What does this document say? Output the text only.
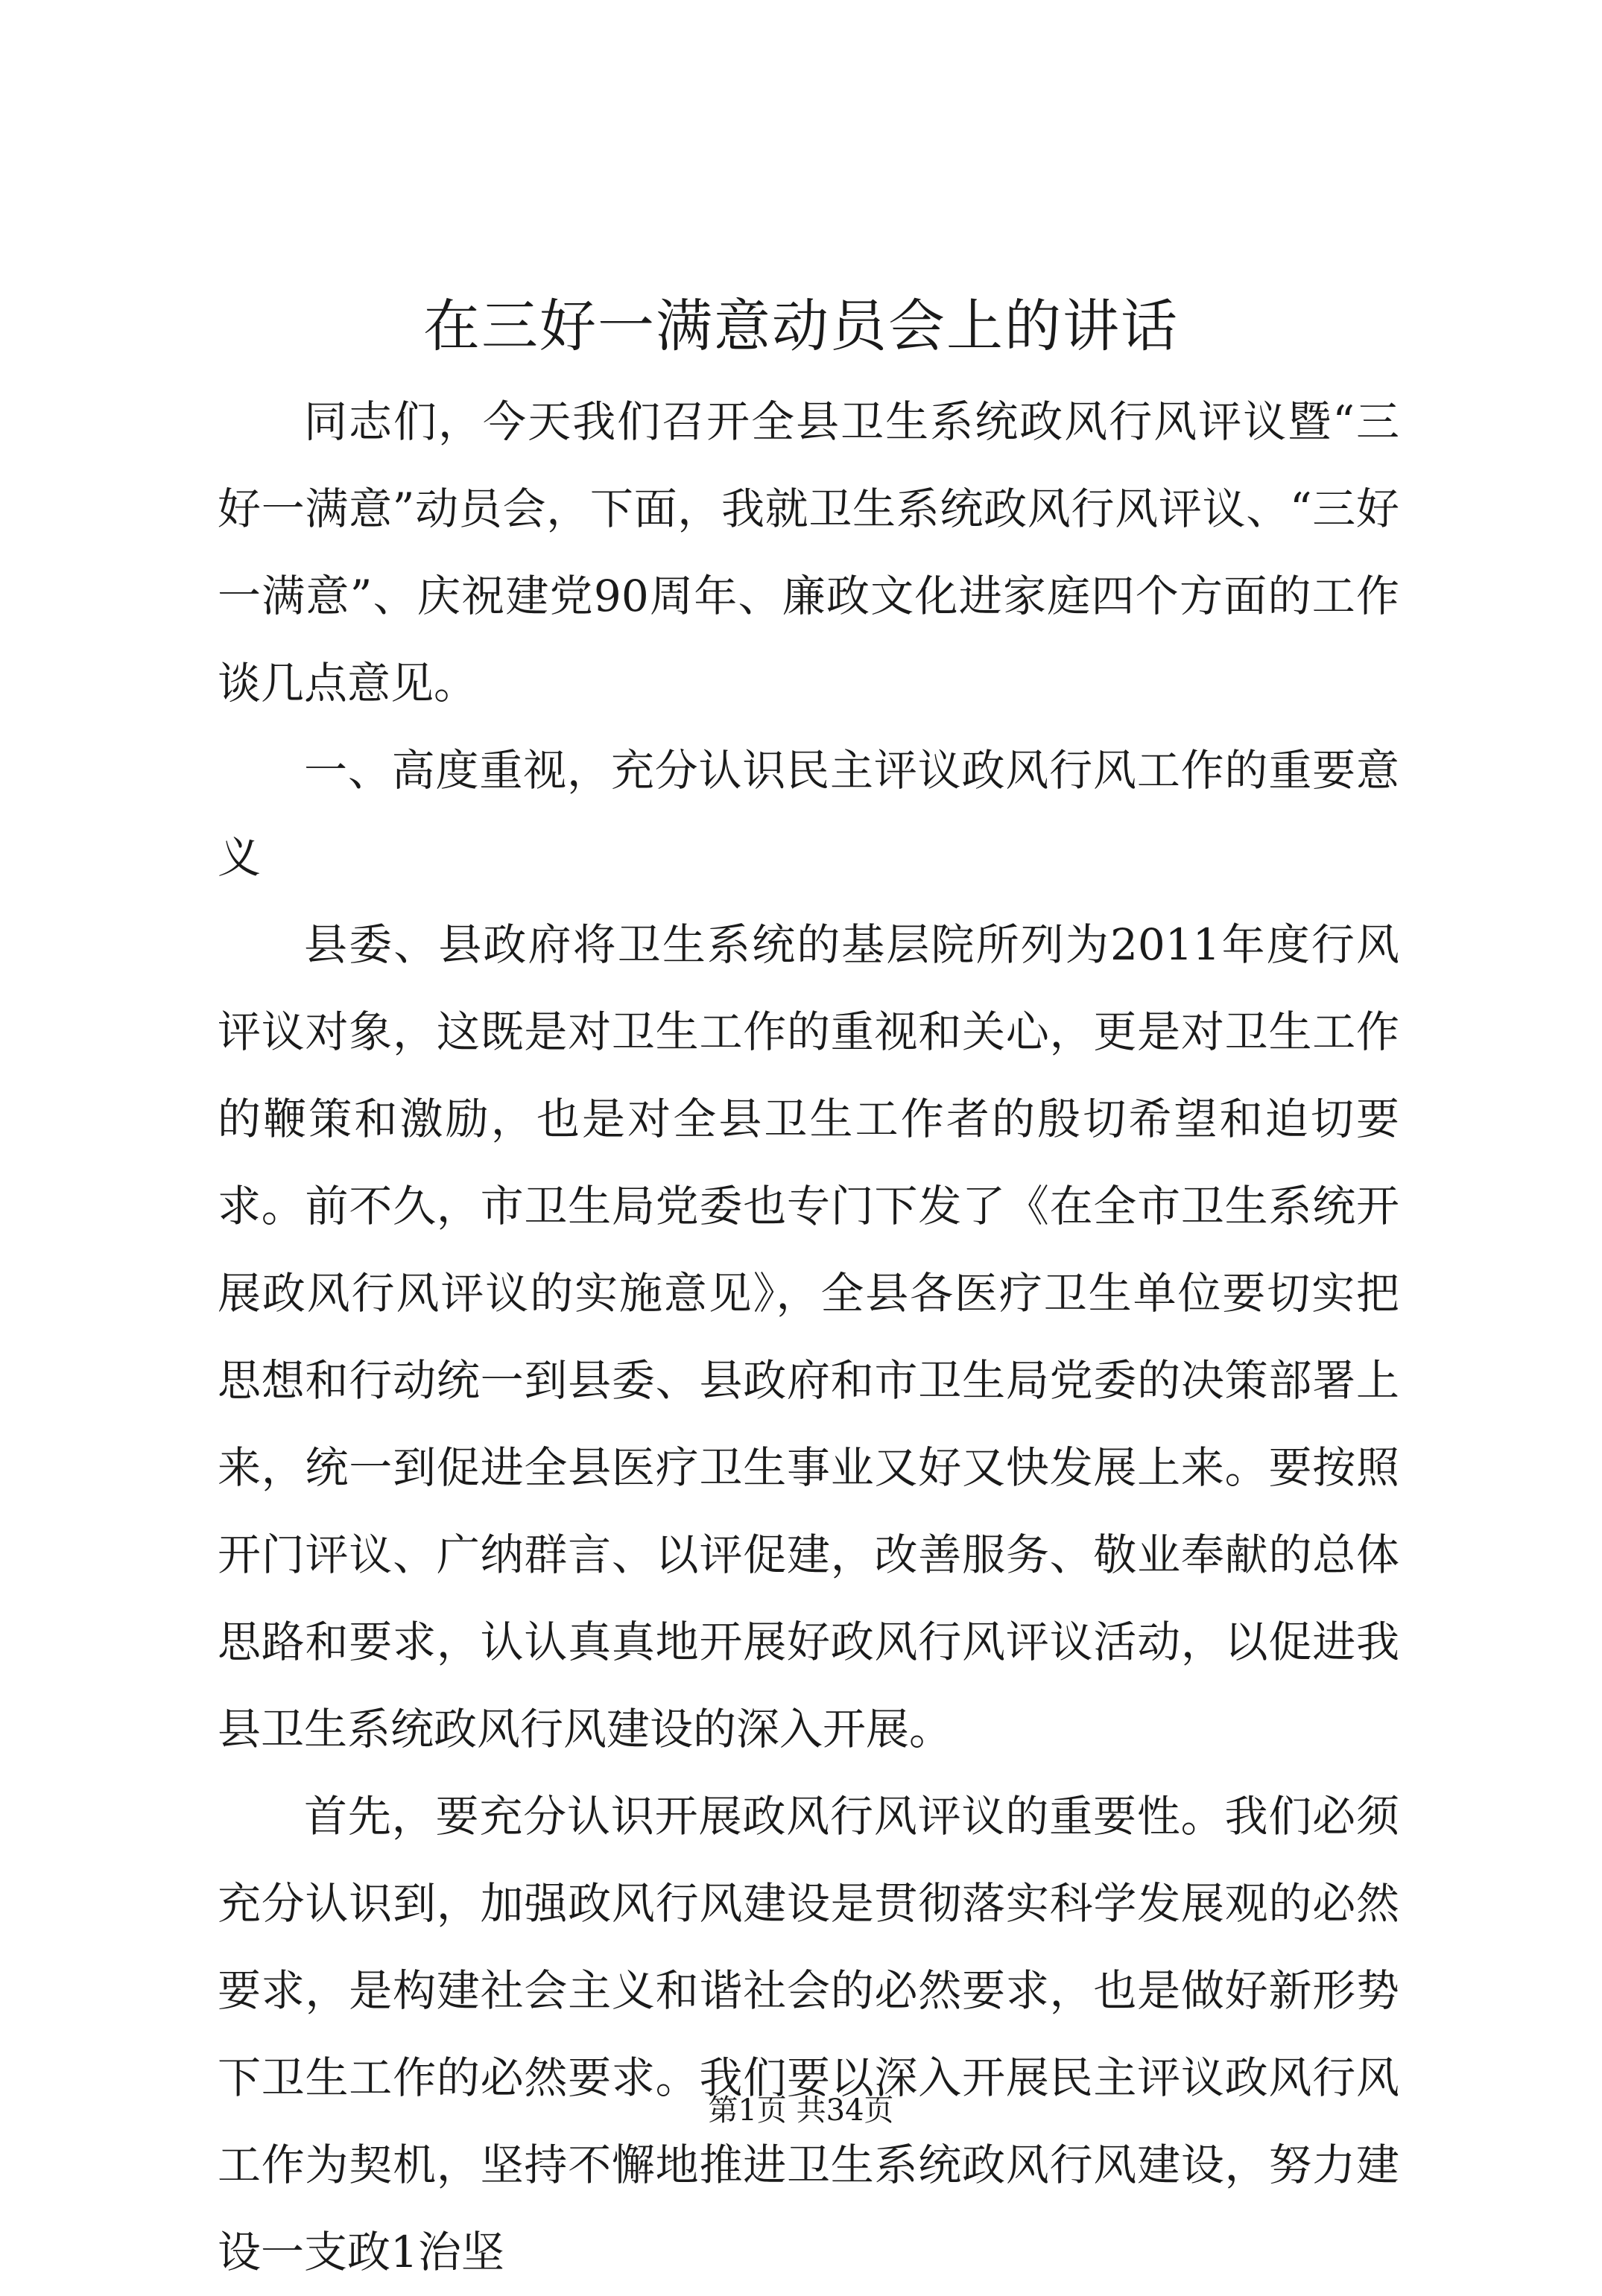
在三好一满意动员会上的讲话

同志们，今天我们召开全县卫生系统政风行风评议暨“三好一满意”动员会，下面，我就卫生系统政风行风评议、“三好一满意”、庆祝建党90周年、廉政文化进家庭四个方面的工作谈几点意见。

一、高度重视，充分认识民主评议政风行风工作的重要意义

县委、县政府将卫生系统的基层院所列为2011年度行风评议对象，这既是对卫生工作的重视和关心，更是对卫生工作的鞭策和激励，也是对全县卫生工作者的殷切希望和迫切要求。前不久，市卫生局党委也专门下发了《在全市卫生系统开展政风行风评议的实施意见》，全县各医疗卫生单位要切实把思想和行动统一到县委、县政府和市卫生局党委的决策部署上来，统一到促进全县医疗卫生事业又好又快发展上来。要按照开门评议、广纳群言、以评促建，改善服务、敬业奉献的总体思路和要求，认认真真地开展好政风行风评议活动，以促进我县卫生系统政风行风建设的深入开展。

首先，要充分认识开展政风行风评议的重要性。我们必须充分认识到，加强政风行风建设是贯彻落实科学发展观的必然要求，是构建社会主义和谐社会的必然要求，也是做好新形势下卫生工作的必然要求。我们要以深入开展民主评议政风行风工作为契机，坚持不懈地推进卫生系统政风行风建设，努力建设一支政1治坚

第1页 共34页
